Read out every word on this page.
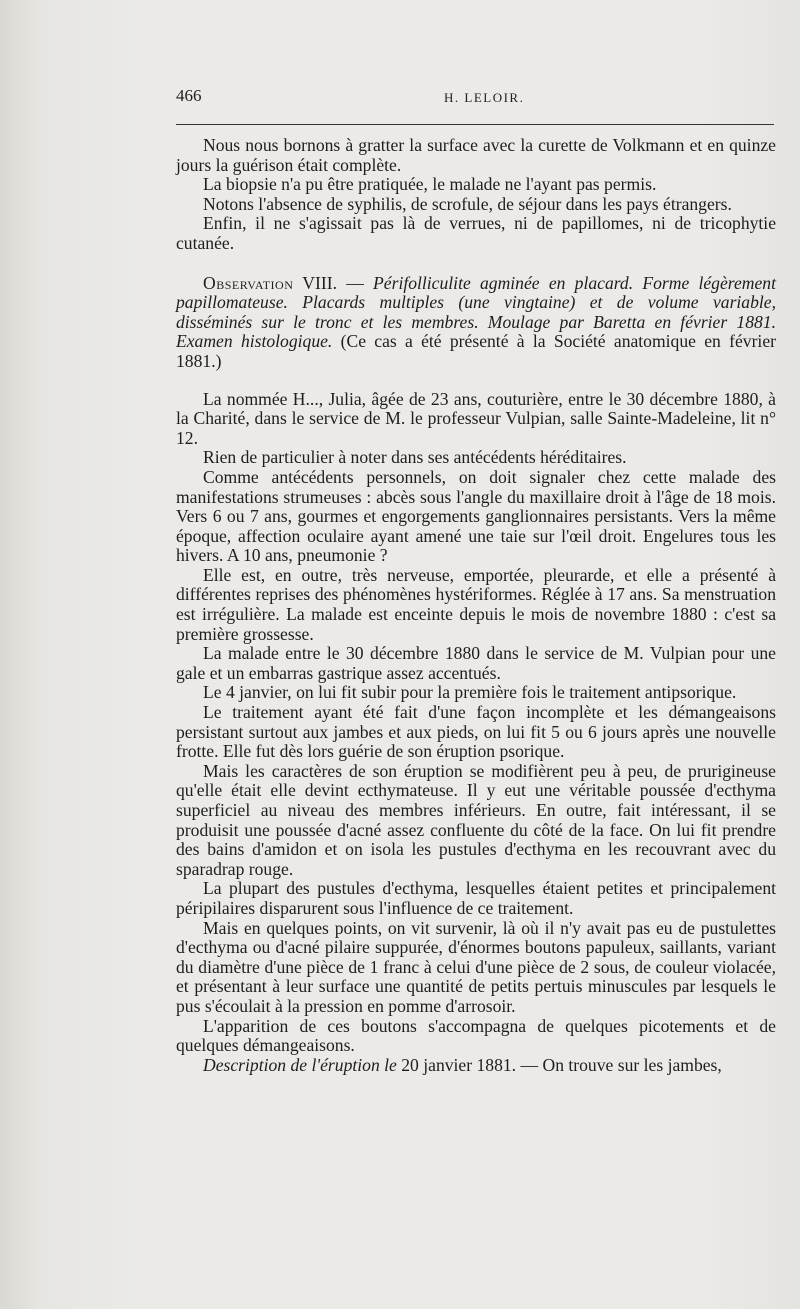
466	H. LELOIR.

Nous nous bornons à gratter la surface avec la curette de Volkmann et en quinze jours la guérison était complète.

La biopsie n'a pu être pratiquée, le malade ne l'ayant pas permis.

Notons l'absence de syphilis, de scrofule, de séjour dans les pays étrangers.

Enfin, il ne s'agissait pas là de verrues, ni de papillomes, ni de tricophytie cutanée.

Observation VIII. — Périfolliculite agminée en placard. Forme légèrement papillomateuse. Placards multiples (une vingtaine) et de volume variable, disséminés sur le tronc et les membres. Moulage par Baretta en février 1881. Examen histologique. (Ce cas a été présenté à la Société anatomique en février 1881.)

La nommée H..., Julia, âgée de 23 ans, couturière, entre le 30 décembre 1880, à la Charité, dans le service de M. le professeur Vulpian, salle Sainte-Madeleine, lit n° 12.

Rien de particulier à noter dans ses antécédents héréditaires.

Comme antécédents personnels, on doit signaler chez cette malade des manifestations strumeuses : abcès sous l'angle du maxillaire droit à l'âge de 18 mois. Vers 6 ou 7 ans, gourmes et engorgements ganglionnaires persistants. Vers la même époque, affection oculaire ayant amené une taie sur l'œil droit. Engelures tous les hivers. A 10 ans, pneumonie ?

Elle est, en outre, très nerveuse, emportée, pleurarde, et elle a présenté à différentes reprises des phénomènes hystériformes. Réglée à 17 ans. Sa menstruation est irrégulière. La malade est enceinte depuis le mois de novembre 1880 : c'est sa première grossesse.

La malade entre le 30 décembre 1880 dans le service de M. Vulpian pour une gale et un embarras gastrique assez accentués.

Le 4 janvier, on lui fit subir pour la première fois le traitement antipsorique.

Le traitement ayant été fait d'une façon incomplète et les démangeaisons persistant surtout aux jambes et aux pieds, on lui fit 5 ou 6 jours après une nouvelle frotte. Elle fut dès lors guérie de son éruption psorique.

Mais les caractères de son éruption se modifièrent peu à peu, de prurigineuse qu'elle était elle devint ecthymateuse. Il y eut une véritable poussée d'ecthyma superficiel au niveau des membres inférieurs. En outre, fait intéressant, il se produisit une poussée d'acné assez confluente du côté de la face. On lui fit prendre des bains d'amidon et on isola les pustules d'ecthyma en les recouvrant avec du sparadrap rouge.

La plupart des pustules d'ecthyma, lesquelles étaient petites et principalement péripilaires disparurent sous l'influence de ce traitement.

Mais en quelques points, on vit survenir, là où il n'y avait pas eu de pustulettes d'ecthyma ou d'acné pilaire suppurée, d'énormes boutons papuleux, saillants, variant du diamètre d'une pièce de 1 franc à celui d'une pièce de 2 sous, de couleur violacée, et présentant à leur surface une quantité de petits pertuis minuscules par lesquels le pus s'écoulait à la pression en pomme d'arrosoir.

L'apparition de ces boutons s'accompagna de quelques picotements et de quelques démangeaisons.

Description de l'éruption le 20 janvier 1881. — On trouve sur les jambes,
